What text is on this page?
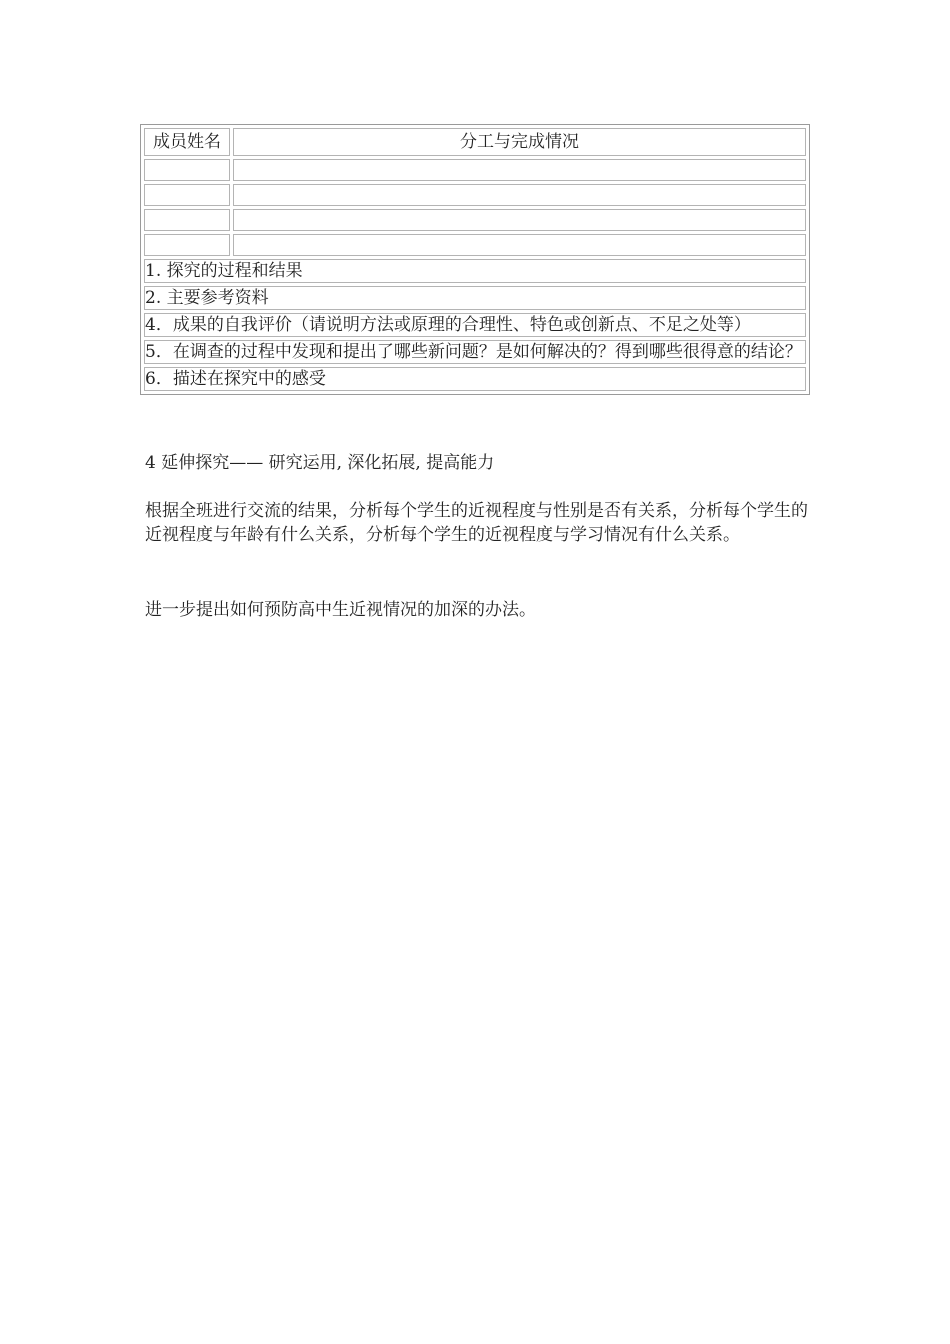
成员姓名	分工与完成情况

1. 探究的过程和结果	
2. 主要参考资料	
4．成果的自我评价（请说明方法或原理的合理性、特色或创新点、不足之处等）	
5．在调查的过程中发现和提出了哪些新问题？是如何解决的？得到哪些很得意的结论？	
6．描述在探究中的感受	
4 延伸探究—— 研究运用, 深化拓展, 提高能力
根据全班进行交流的结果，分析每个学生的近视程度与性别是否有关系，分析每个学生的近视程度与年龄有什么关系，分析每个学生的近视程度与学习情况有什么关系。
进一步提出如何预防高中生近视情况的加深的办法。
